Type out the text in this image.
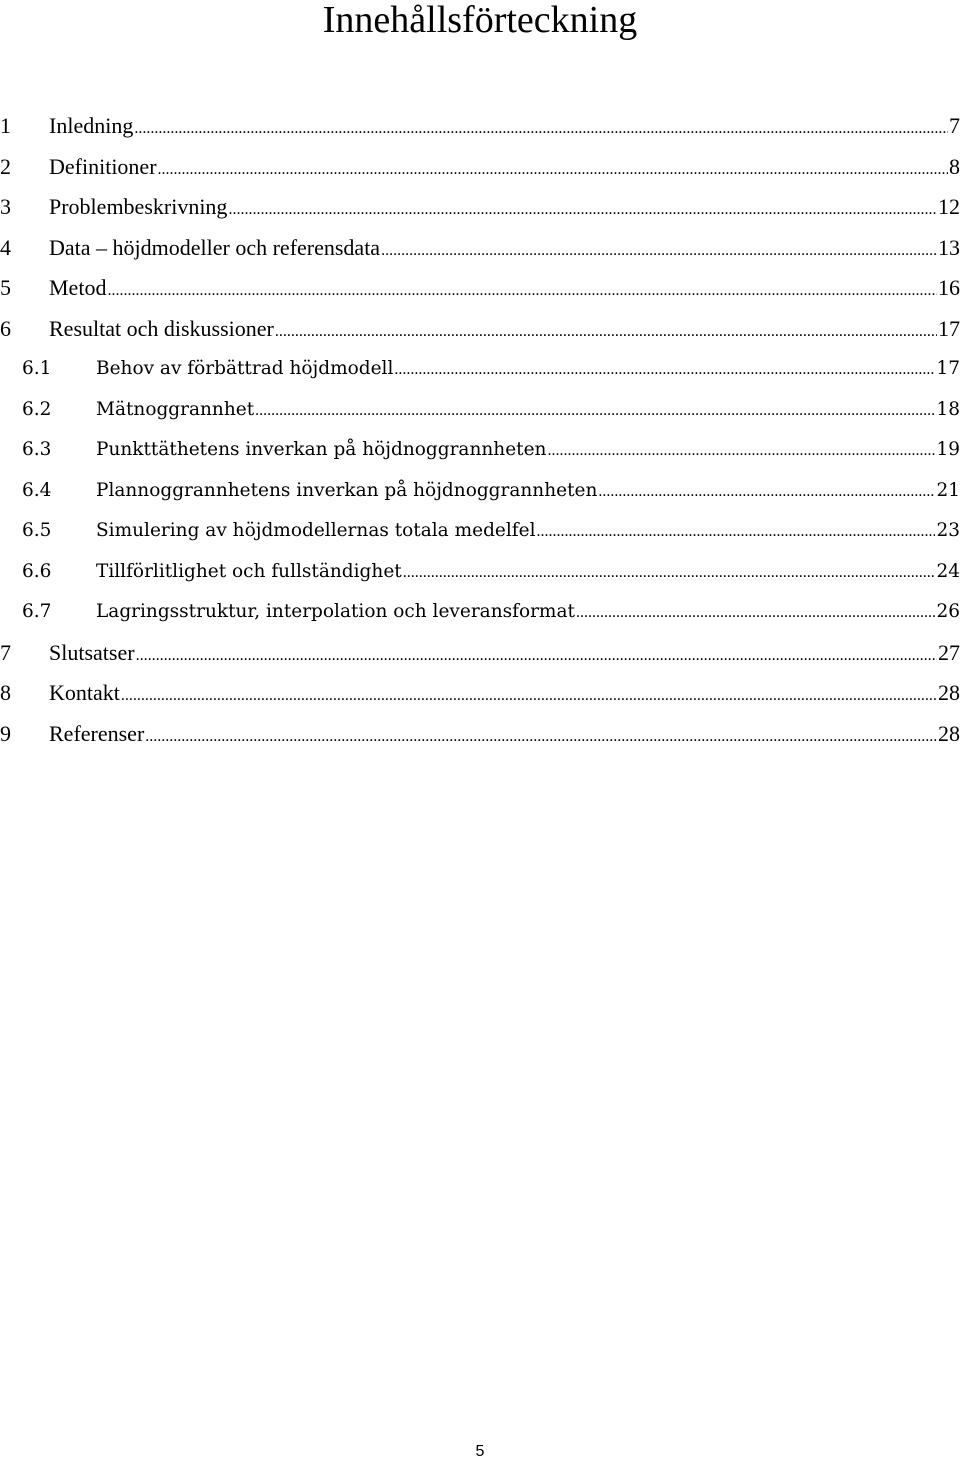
Innehållsförteckning
1	Inledning .....	7
2	Definitioner .....	8
3	Problembeskrivning .....	12
4	Data – höjdmodeller och referensdata .....	13
5	Metod .....	16
6	Resultat och diskussioner .....	17
6.1	Behov av förbättrad höjdmodell .....	17
6.2	Mätnoggrannhet .....	18
6.3	Punkttäthetens inverkan på höjdnoggrannheten .....	19
6.4	Plannoggrannhetens inverkan på höjdnoggrannheten .....	21
6.5	Simulering av höjdmodellernas totala medelfel .....	23
6.6	Tillförlitlighet och fullständighet .....	24
6.7	Lagringsstruktur, interpolation och leveransformat .....	26
7	Slutsatser .....	27
8	Kontakt .....	28
9	Referenser .....	28
5
